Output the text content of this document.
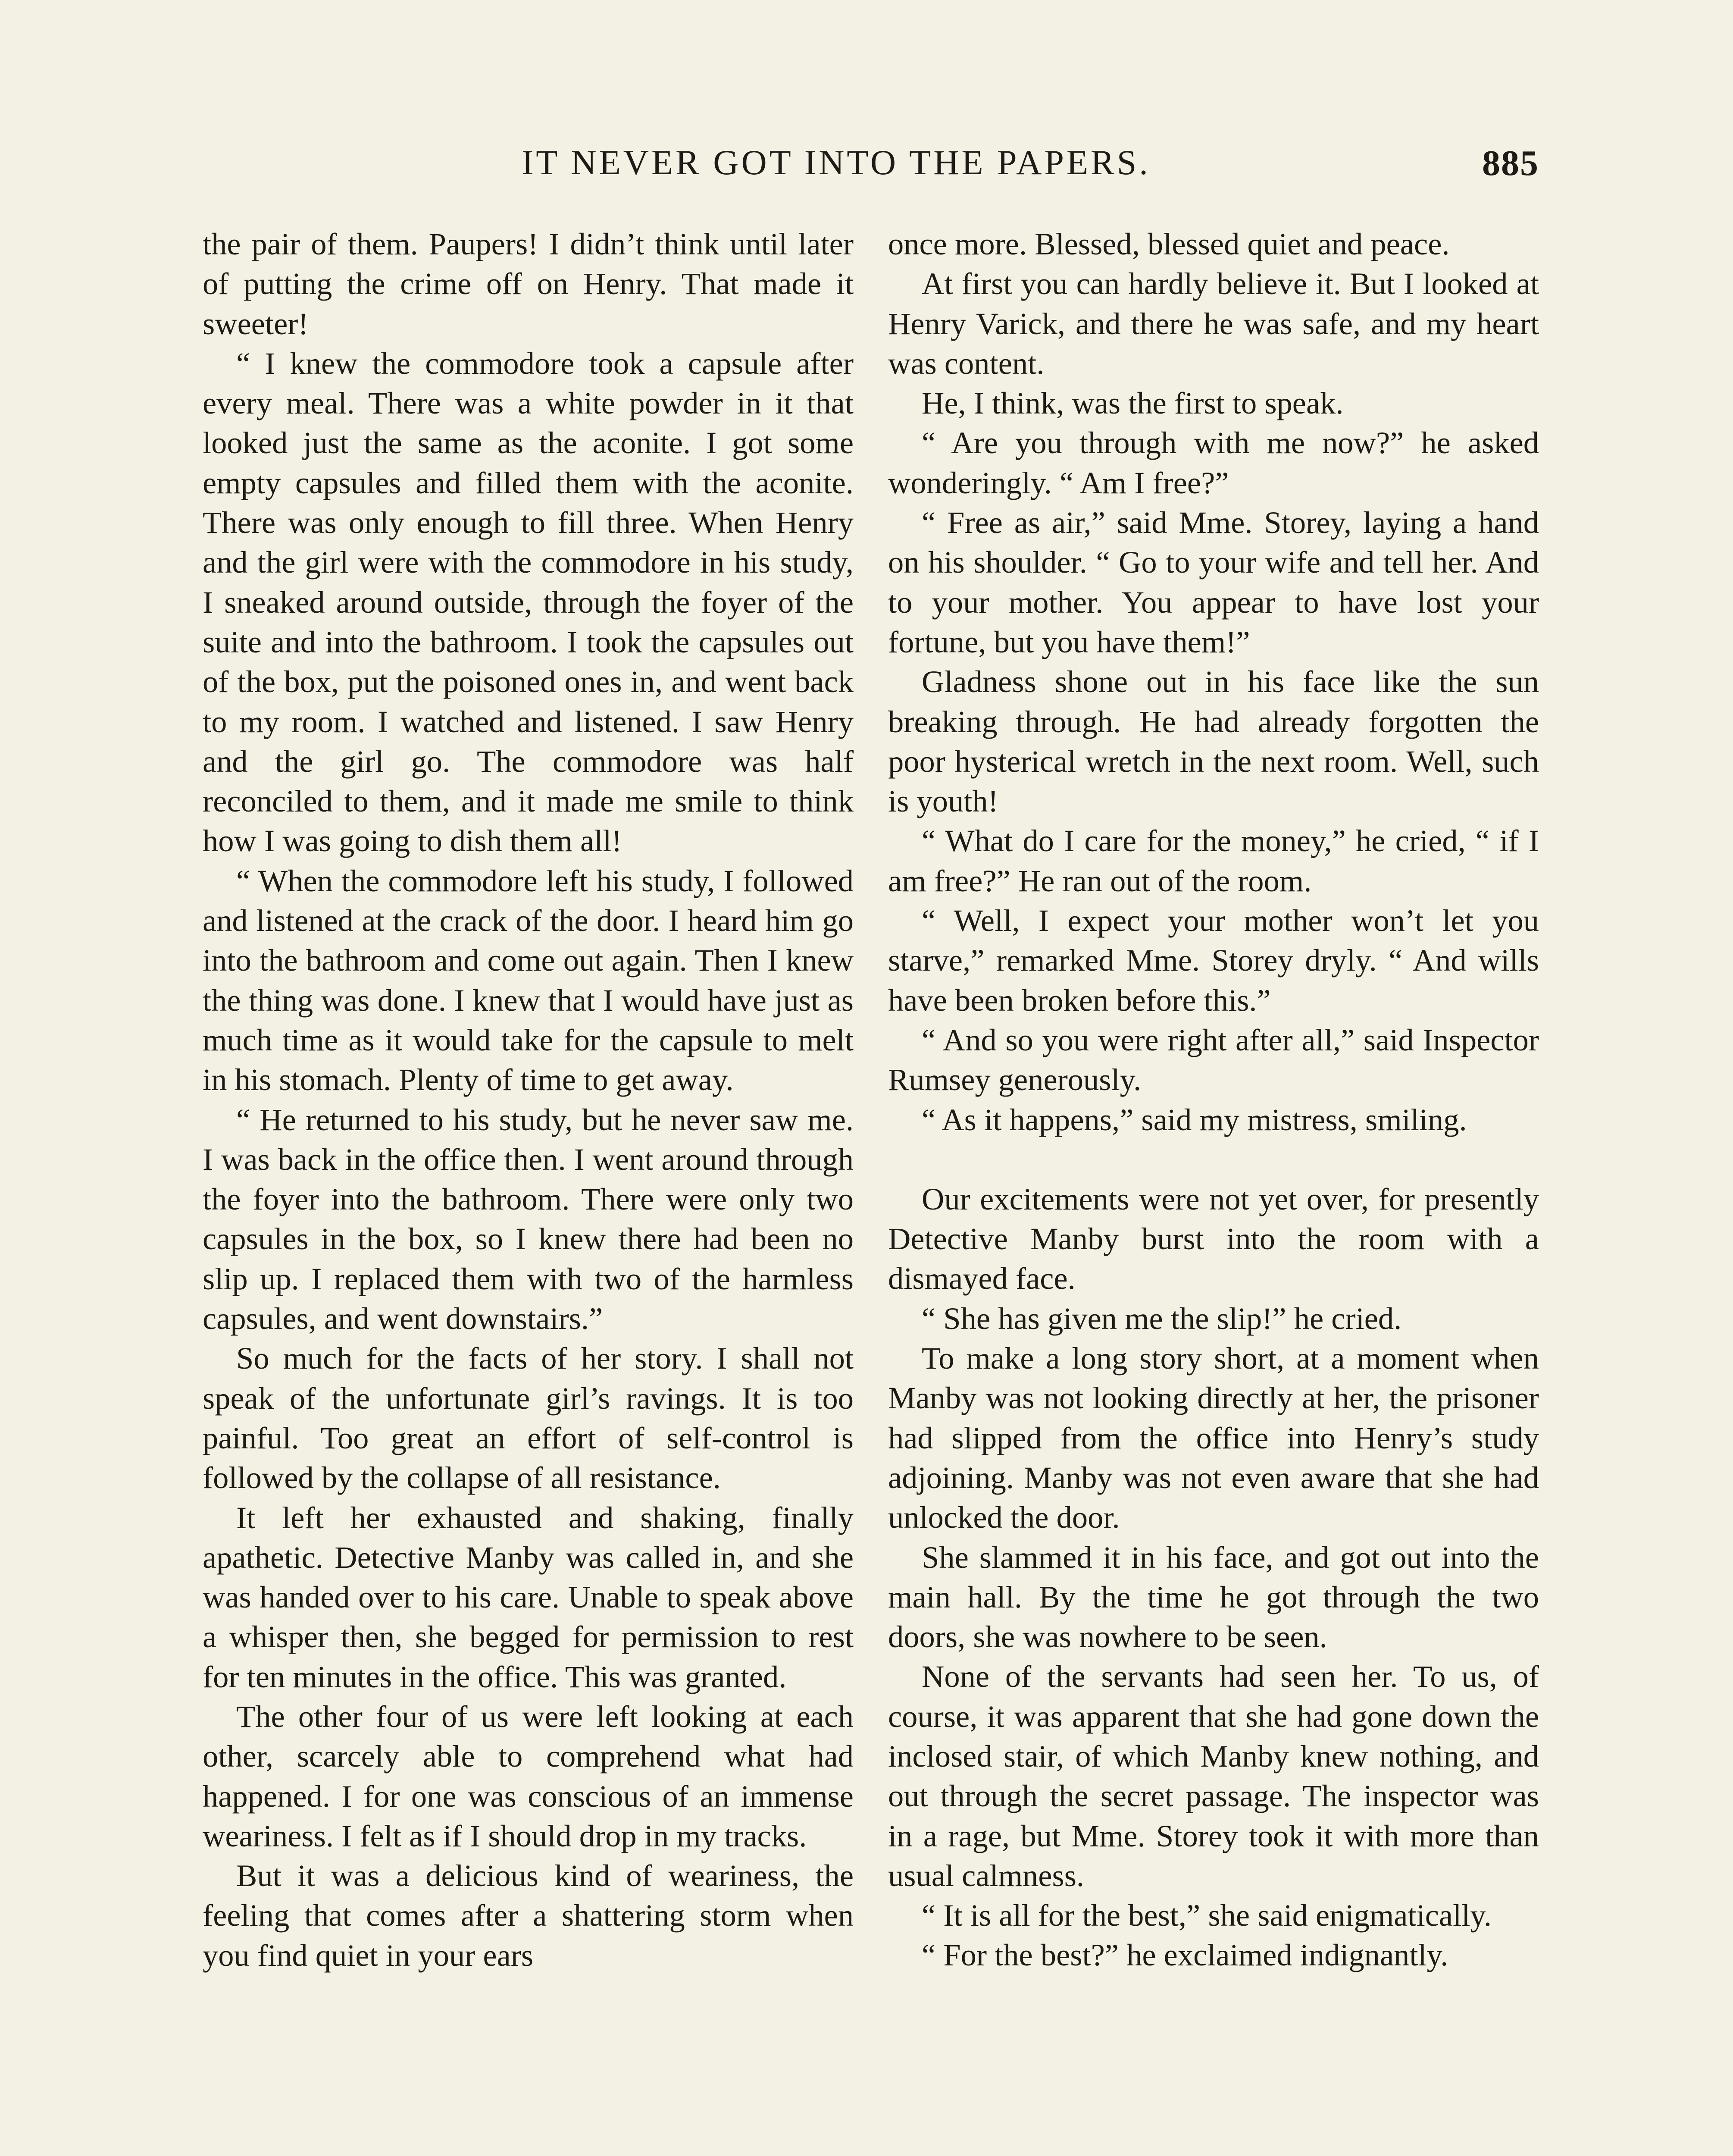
IT NEVER GOT INTO THE PAPERS.	885

the pair of them. Paupers! I didn’t think until later of putting the crime off on Henry. That made it sweeter!

“ I knew the commodore took a capsule after every meal. There was a white powder in it that looked just the same as the aconite. I got some empty capsules and filled them with the aconite. There was only enough to fill three. When Henry and the girl were with the commodore in his study, I sneaked around outside, through the foyer of the suite and into the bathroom. I took the capsules out of the box, put the poisoned ones in, and went back to my room. I watched and listened. I saw Henry and the girl go. The commodore was half reconciled to them, and it made me smile to think how I was going to dish them all!

“ When the commodore left his study, I followed and listened at the crack of the door. I heard him go into the bathroom and come out again. Then I knew the thing was done. I knew that I would have just as much time as it would take for the capsule to melt in his stomach. Plenty of time to get away.

“ He returned to his study, but he never saw me. I was back in the office then. I went around through the foyer into the bathroom. There were only two capsules in the box, so I knew there had been no slip up. I replaced them with two of the harmless capsules, and went downstairs.”

So much for the facts of her story. I shall not speak of the unfortunate girl’s ravings. It is too painful. Too great an effort of self-control is followed by the collapse of all resistance.

It left her exhausted and shaking, finally apathetic. Detective Manby was called in, and she was handed over to his care. Unable to speak above a whisper then, she begged for permission to rest for ten minutes in the office. This was granted.

The other four of us were left looking at each other, scarcely able to comprehend what had happened. I for one was conscious of an immense weariness. I felt as if I should drop in my tracks.

But it was a delicious kind of weariness, the feeling that comes after a shattering storm when you find quiet in your ears

once more. Blessed, blessed quiet and peace.

At first you can hardly believe it. But I looked at Henry Varick, and there he was safe, and my heart was content.

He, I think, was the first to speak.

“ Are you through with me now?” he asked wonderingly. “ Am I free?”

“ Free as air,” said Mme. Storey, laying a hand on his shoulder. “ Go to your wife and tell her. And to your mother. You appear to have lost your fortune, but you have them!”

Gladness shone out in his face like the sun breaking through. He had already forgotten the poor hysterical wretch in the next room. Well, such is youth!

“ What do I care for the money,” he cried, “ if I am free?” He ran out of the room.

“ Well, I expect your mother won’t let you starve,” remarked Mme. Storey dryly. “ And wills have been broken before this.”

“ And so you were right after all,” said Inspector Rumsey generously.

“ As it happens,” said my mistress, smiling.

Our excitements were not yet over, for presently Detective Manby burst into the room with a dismayed face.

“ She has given me the slip!” he cried.

To make a long story short, at a moment when Manby was not looking directly at her, the prisoner had slipped from the office into Henry’s study adjoining. Manby was not even aware that she had unlocked the door.

She slammed it in his face, and got out into the main hall. By the time he got through the two doors, she was nowhere to be seen.

None of the servants had seen her. To us, of course, it was apparent that she had gone down the inclosed stair, of which Manby knew nothing, and out through the secret passage. The inspector was in a rage, but Mme. Storey took it with more than usual calmness.

“ It is all for the best,” she said enigmatically.

“ For the best?” he exclaimed indignantly.
